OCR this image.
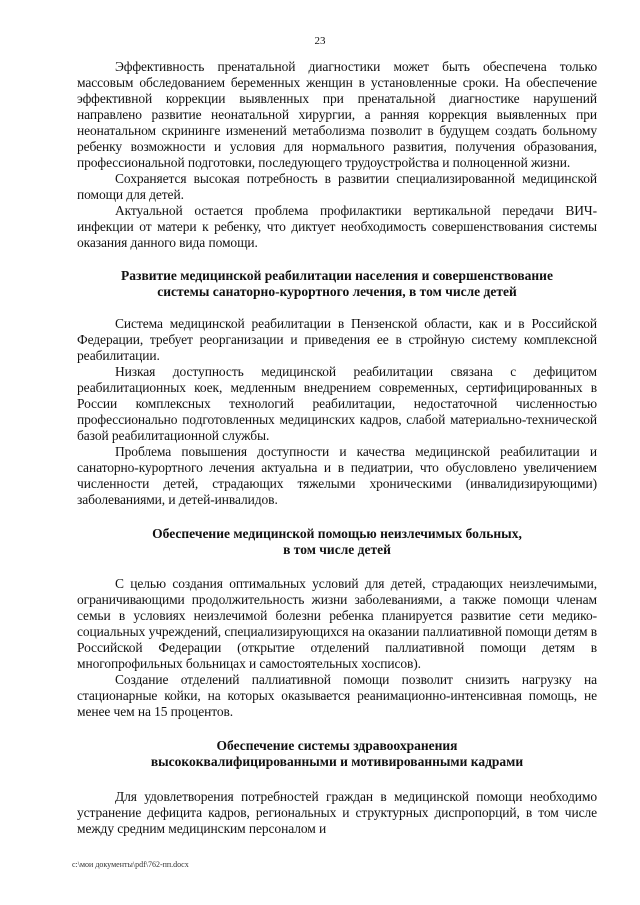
23

Эффективность пренатальной диагностики может быть обеспечена только массовым обследованием беременных женщин в установленные сроки. На обеспечение эффективной коррекции выявленных при пренатальной диагностике нарушений направлено развитие неонатальной хирургии, а ранняя коррекция выявленных при неонатальном скрининге изменений метаболизма позволит в будущем создать больному ребенку возможности и условия для нормального развития, получения образования, профессиональной подготовки, последующего трудоустройства и полноценной жизни.

Сохраняется высокая потребность в развитии специализированной медицинской помощи для детей.

Актуальной остается проблема профилактики вертикальной передачи ВИЧ-инфекции от матери к ребенку, что диктует необходимость совершенствования системы оказания данного вида помощи.

Развитие медицинской реабилитации населения и совершенствование
системы санаторно-курортного лечения, в том числе детей

Система медицинской реабилитации в Пензенской области, как и в Российской Федерации, требует реорганизации и приведения ее в стройную систему комплексной реабилитации.

Низкая доступность медицинской реабилитации связана с дефицитом реабилитационных коек, медленным внедрением современных, сертифицированных в России комплексных технологий реабилитации, недостаточной численностью профессионально подготовленных медицинских кадров, слабой материально-технической базой реабилитационной службы.

Проблема повышения доступности и качества медицинской реабилитации и санаторно-курортного лечения актуальна и в педиатрии, что обусловлено увеличением численности детей, страдающих тяжелыми хроническими (инвалидизирующими) заболеваниями, и детей-инвалидов.

Обеспечение медицинской помощью неизлечимых больных,
в том числе детей

С целью создания оптимальных условий для детей, страдающих неизлечимыми, ограничивающими продолжительность жизни заболеваниями, а также помощи членам семьи в условиях неизлечимой болезни ребенка планируется развитие сети медико-социальных учреждений, специализирующихся на оказании паллиативной помощи детям в Российской Федерации (открытие отделений паллиативной помощи детям в многопрофильных больницах и самостоятельных хосписов).

Создание отделений паллиативной помощи позволит снизить нагрузку на стационарные койки, на которых оказывается реанимационно-интенсивная помощь, не менее чем на 15 процентов.

Обеспечение системы здравоохранения
высококвалифицированными и мотивированными кадрами

Для удовлетворения потребностей граждан в медицинской помощи необходимо устранение дефицита кадров, региональных и структурных диспропорций, в том числе между средним медицинским персоналом и

c:\мои документы\pdf\762-пп.docx
